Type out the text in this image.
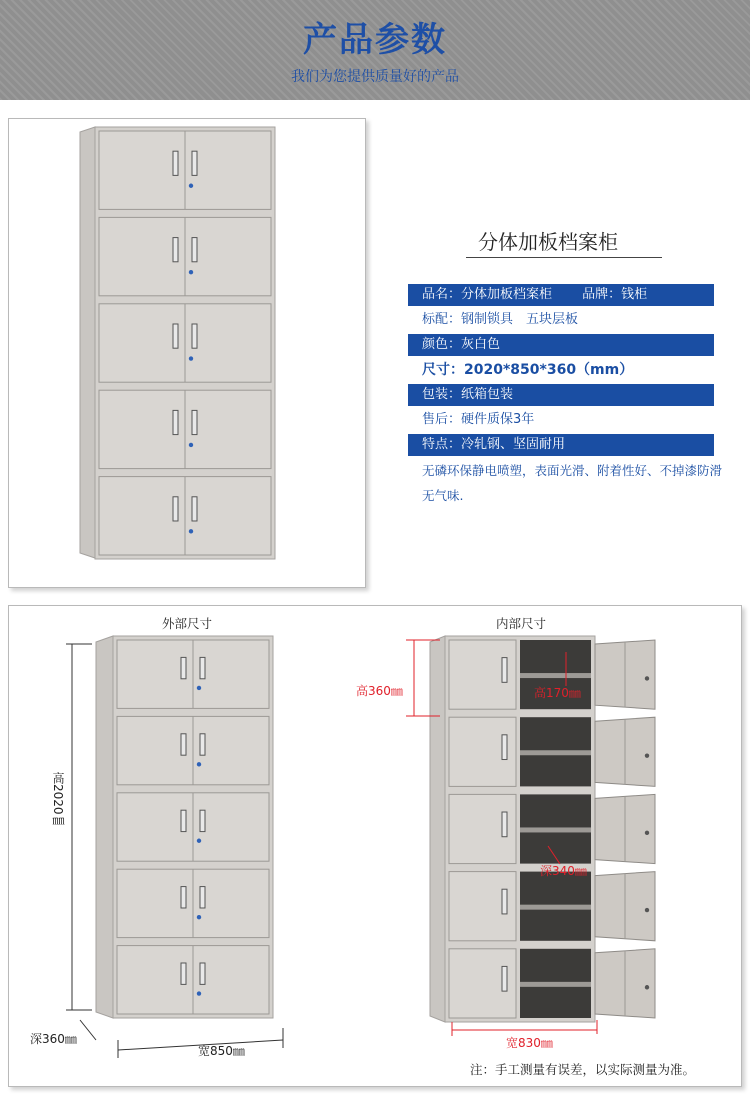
产品参数
我们为您提供质量好的产品
分体加板档案柜
品名：分体加板档案柜 　　品牌：钱柜
标配：钢制锁具　五块层板
颜色：灰白色
尺寸：2020*850*360（mm）
包装：纸箱包装
售后：硬件质保3年
特点：冷轧钢、坚固耐用
无磷环保静电喷塑，表面光滑、附着性好、不掉漆防滑无气味.
外部尺寸	内部尺寸
高2020㎜
深360㎜
宽850㎜
高360㎜	高170㎜
深340㎜
宽830㎜
注：手工测量有误差，以实际测量为准。
